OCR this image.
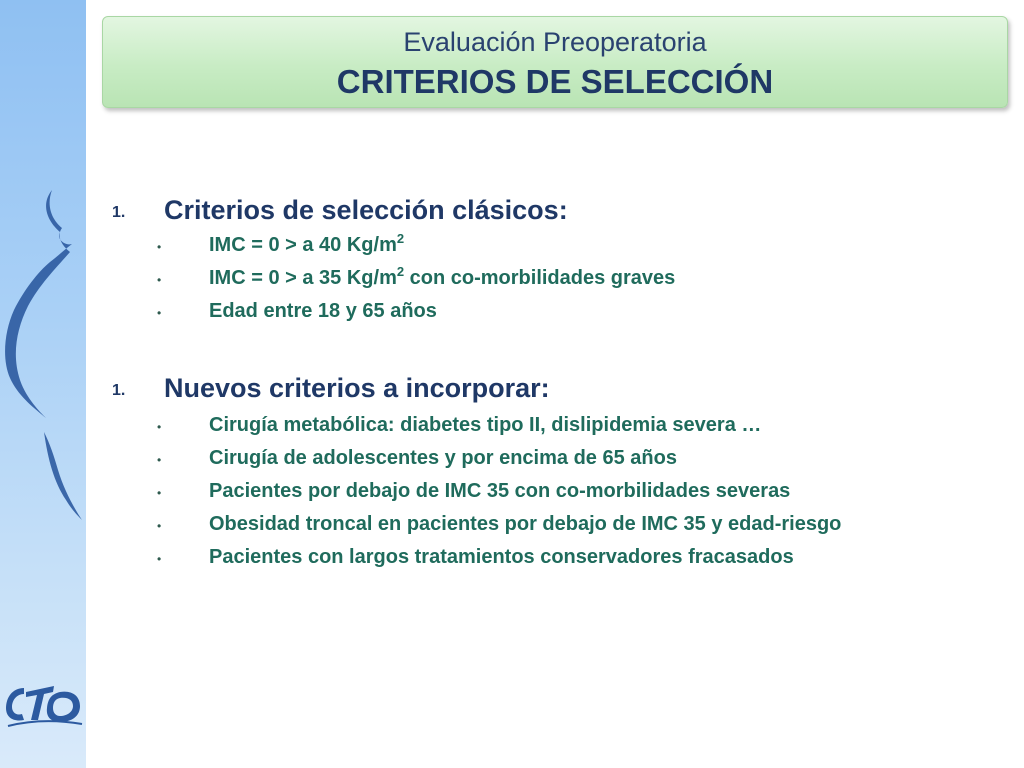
Evaluación Preoperatoria
CRITERIOS DE SELECCIÓN
1. Criterios de selección clásicos:
• IMC = 0 > a 40 $Kg/m^2$
• IMC = 0 > a 35 $Kg/m^2$ con co-morbilidades graves
• Edad entre 18 y 65 años
1. Nuevos criterios a incorporar:
• Cirugía metabólica: diabetes tipo II, dislipidemia severa …
• Cirugía de adolescentes y por encima de 65 años
• Pacientes por debajo de IMC 35 con co-morbilidades severas
• Obesidad troncal en pacientes por debajo de IMC 35 y edad-riesgo
• Pacientes con largos tratamientos conservadores fracasados
